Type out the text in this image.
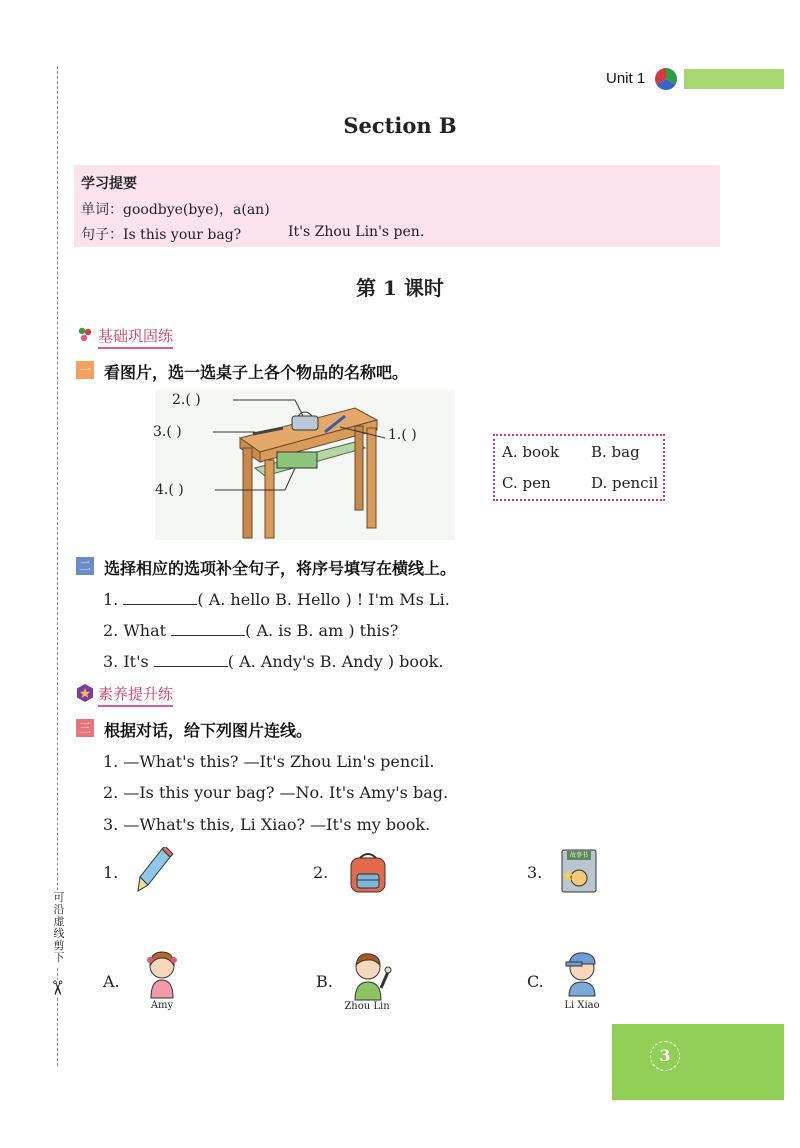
可沿虚线剪下
✂
Unit 1
Section B
学习提要
单词：goodbye(bye)，a(an)
句子：Is this your bag?	It's Zhou Lin's pen.
第 1 课时
基础巩固练
一 看图片，选一选桌子上各个物品的名称吧。
2.( )
3.( )	1.( )
4.( )
A. book B. bag
C. pen	D. pencil
二 选择相应的选项补全句子，将序号填写在横线上。
1.	( A. hello B. Hello ) ! I'm Ms Li.
2. What	( A. is B. am ) this?
3. It's	( A. Andy's B. Andy ) book.
素养提升练
三 根据对话，给下列图片连线。
1. —What's this? —It's Zhou Lin's pencil.
2. —Is this your bag? —No. It's Amy's bag.
3. —What's this, Li Xiao? —It's my book.
1.	2.	3.
故事书
A.
Amy
B.
Zhou Lin
C.
Li Xiao
3
